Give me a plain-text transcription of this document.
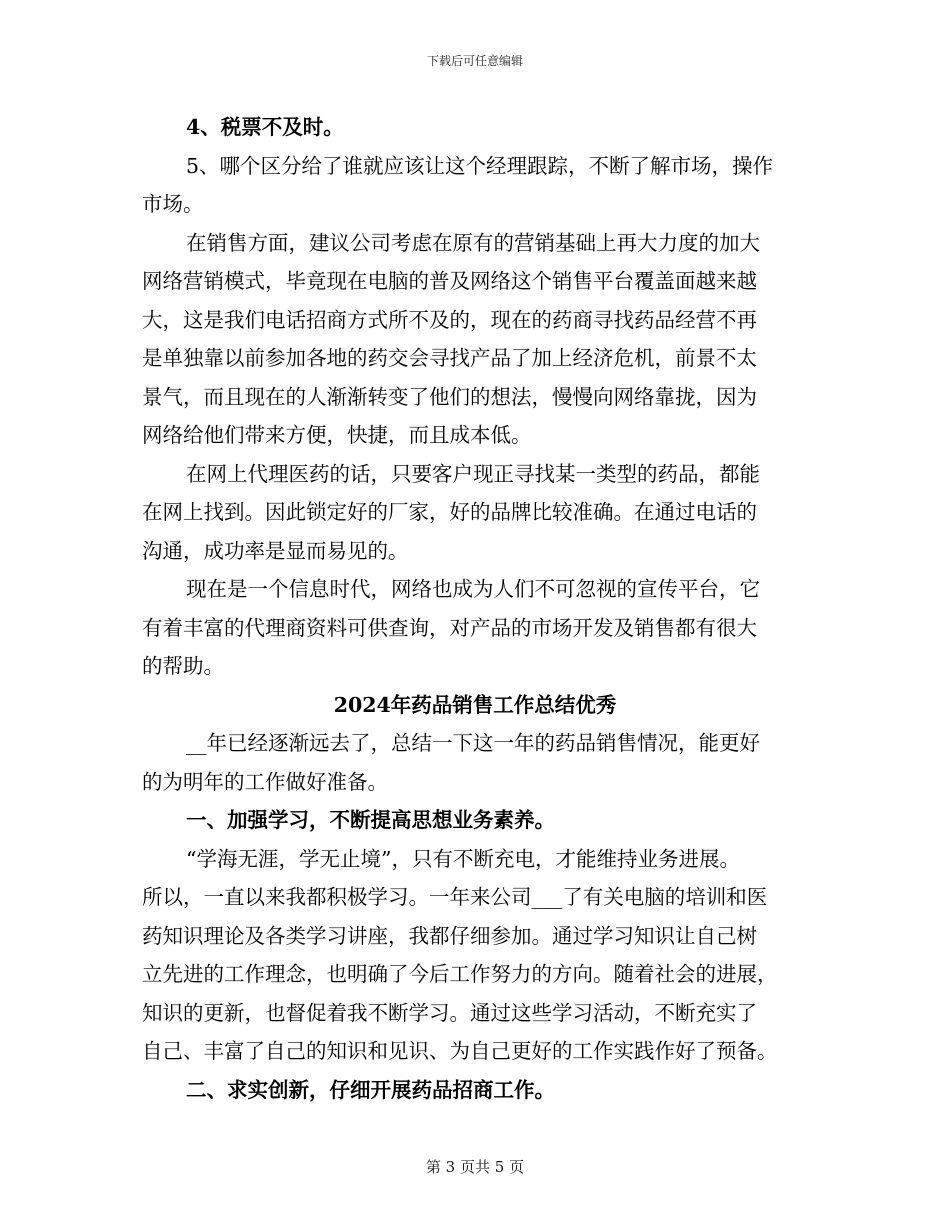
下载后可任意编辑
4、税票不及时。
5、哪个区分给了谁就应该让这个经理跟踪，不断了解市场，操作
市场。
在销售方面，建议公司考虑在原有的营销基础上再大力度的加大
网络营销模式，毕竟现在电脑的普及网络这个销售平台覆盖面越来越
大，这是我们电话招商方式所不及的，现在的药商寻找药品经营不再
是单独靠以前参加各地的药交会寻找产品了加上经济危机，前景不太
景气，而且现在的人渐渐转变了他们的想法，慢慢向网络靠拢，因为
网络给他们带来方便，快捷，而且成本低。
在网上代理医药的话，只要客户现正寻找某一类型的药品，都能
在网上找到。因此锁定好的厂家，好的品牌比较准确。在通过电话的
沟通，成功率是显而易见的。
现在是一个信息时代，网络也成为人们不可忽视的宣传平台，它
有着丰富的代理商资料可供查询，对产品的市场开发及销售都有很大
的帮助。
2024年药品销售工作总结优秀
__年已经逐渐远去了，总结一下这一年的药品销售情况，能更好
的为明年的工作做好准备。
一、加强学习，不断提高思想业务素养。
“学海无涯，学无止境”，只有不断充电，才能维持业务进展。
所以，一直以来我都积极学习。一年来公司___了有关电脑的培训和医
药知识理论及各类学习讲座，我都仔细参加。通过学习知识让自己树
立先进的工作理念，也明确了今后工作努力的方向。随着社会的进展，
知识的更新，也督促着我不断学习。通过这些学习活动，不断充实了
自己、丰富了自己的知识和见识、为自己更好的工作实践作好了预备。
二、求实创新，仔细开展药品招商工作。
第 3 页共 5 页
